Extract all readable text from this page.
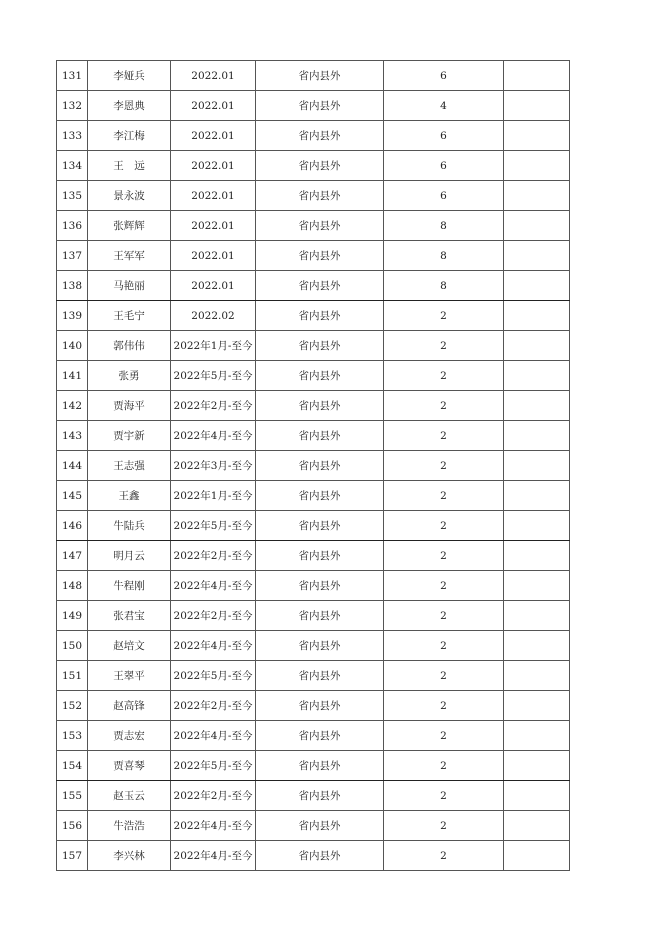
131	李娅兵	2022.01	省内县外	6	
132	李恩典	2022.01	省内县外	4	
133	李江梅	2022.01	省内县外	6	
134	王　远	2022.01	省内县外	6	
135	景永波	2022.01	省内县外	6	
136	张辉辉	2022.01	省内县外	8	
137	王军军	2022.01	省内县外	8	
138	马艳丽	2022.01	省内县外	8	
139	王毛宁	2022.02	省内县外	2	
140	郭伟伟	2022年1月-至今	省内县外	2	
141	张勇	2022年5月-至今	省内县外	2	
142	贾海平	2022年2月-至今	省内县外	2	
143	贾宇新	2022年4月-至今	省内县外	2	
144	王志强	2022年3月-至今	省内县外	2	
145	王鑫	2022年1月-至今	省内县外	2	
146	牛陆兵	2022年5月-至今	省内县外	2	
147	明月云	2022年2月-至今	省内县外	2	
148	牛程刚	2022年4月-至今	省内县外	2	
149	张君宝	2022年2月-至今	省内县外	2	
150	赵培文	2022年4月-至今	省内县外	2	
151	王翠平	2022年5月-至今	省内县外	2	
152	赵高锋	2022年2月-至今	省内县外	2	
153	贾志宏	2022年4月-至今	省内县外	2	
154	贾喜琴	2022年5月-至今	省内县外	2	
155	赵玉云	2022年2月-至今	省内县外	2	
156	牛浩浩	2022年4月-至今	省内县外	2	
157	李兴林	2022年4月-至今	省内县外	2	
